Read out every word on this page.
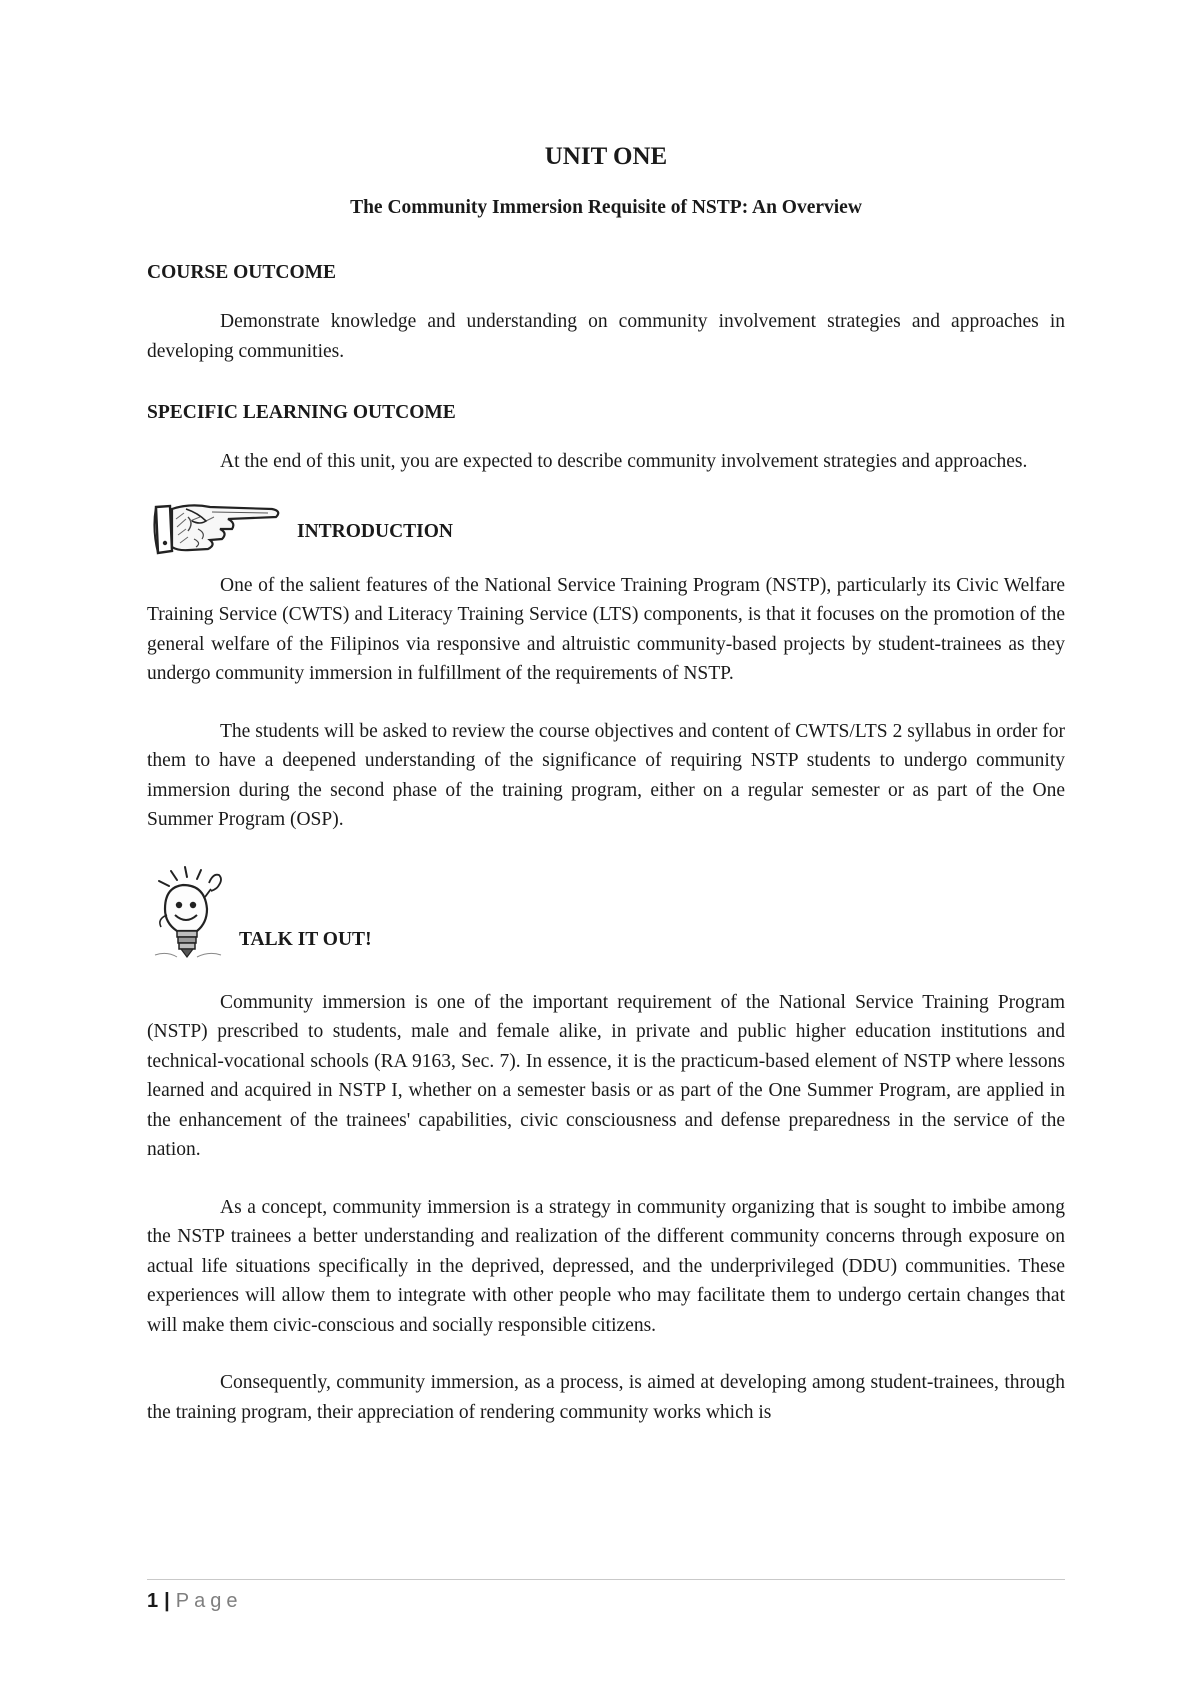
UNIT ONE

The Community Immersion Requisite of NSTP: An Overview

COURSE OUTCOME

Demonstrate knowledge and understanding on community involvement strategies and approaches in developing communities.

SPECIFIC LEARNING OUTCOME

At the end of this unit, you are expected to describe community involvement strategies and approaches.

INTRODUCTION

One of the salient features of the National Service Training Program (NSTP), particularly its Civic Welfare Training Service (CWTS) and Literacy Training Service (LTS) components, is that it focuses on the promotion of the general welfare of the Filipinos via responsive and altruistic community-based projects by student-trainees as they undergo community immersion in fulfillment of the requirements of NSTP.

The students will be asked to review the course objectives and content of CWTS/LTS 2 syllabus in order for them to have a deepened understanding of the significance of requiring NSTP students to undergo community immersion during the second phase of the training program, either on a regular semester or as part of the One Summer Program (OSP).

TALK IT OUT!

Community immersion is one of the important requirement of the National Service Training Program (NSTP) prescribed to students, male and female alike, in private and public higher education institutions and technical-vocational schools (RA 9163, Sec. 7). In essence, it is the practicum-based element of NSTP where lessons learned and acquired in NSTP I, whether on a semester basis or as part of the One Summer Program, are applied in the enhancement of the trainees' capabilities, civic consciousness and defense preparedness in the service of the nation.

As a concept, community immersion is a strategy in community organizing that is sought to imbibe among the NSTP trainees a better understanding and realization of the different community concerns through exposure on actual life situations specifically in the deprived, depressed, and the underprivileged (DDU) communities. These experiences will allow them to integrate with other people who may facilitate them to undergo certain changes that will make them civic-conscious and socially responsible citizens.

Consequently, community immersion, as a process, is aimed at developing among student-trainees, through the training program, their appreciation of rendering community works which is

1 | Page
